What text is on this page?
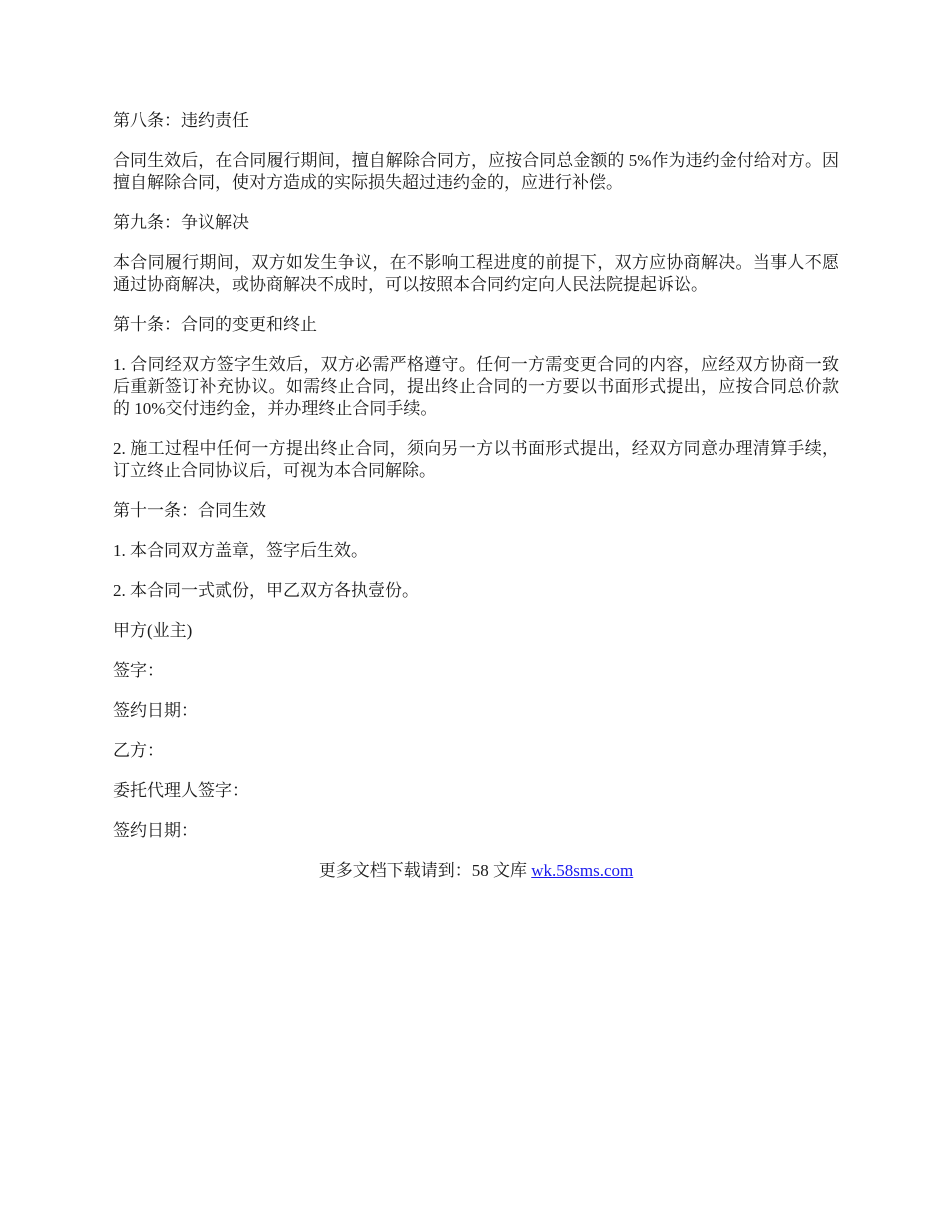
第八条：违约责任

合同生效后，在合同履行期间，擅自解除合同方，应按合同总金额的 5%作为违约金付给对方。因擅自解除合同，使对方造成的实际损失超过违约金的，应进行补偿。

第九条：争议解决

本合同履行期间，双方如发生争议，在不影响工程进度的前提下，双方应协商解决。当事人不愿通过协商解决，或协商解决不成时，可以按照本合同约定向人民法院提起诉讼。

第十条：合同的变更和终止

1. 合同经双方签字生效后，双方必需严格遵守。任何一方需变更合同的内容，应经双方协商一致后重新签订补充协议。如需终止合同，提出终止合同的一方要以书面形式提出，应按合同总价款的 10%交付违约金，并办理终止合同手续。

2. 施工过程中任何一方提出终止合同，须向另一方以书面形式提出，经双方同意办理清算手续，订立终止合同协议后，可视为本合同解除。

第十一条：合同生效

1. 本合同双方盖章，签字后生效。

2. 本合同一式贰份，甲乙双方各执壹份。

甲方(业主)

签字：

签约日期：

乙方：

委托代理人签字：

签约日期：

更多文档下载请到：58 文库 wk.58sms.com
